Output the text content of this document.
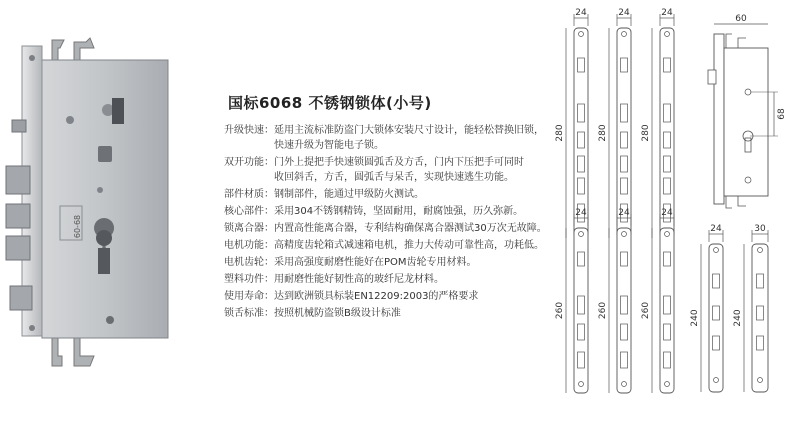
60-68
国标6068 不锈钢锁体(小号)
升级快速 ： 延用主流标准防盗门大锁体安装尺寸设计，能轻松替换旧锁，
快速升级为智能电子锁。
双开功能 ： 门外上提把手快速锁圆弧舌及方舌，门内下压把手可同时
收回斜舌，方舌，圆弧舌与呆舌，实现快速逃生功能。
部件材质 ： 钢制部件，能通过甲级防火测试。
核心部件 ： 采用304不锈钢精铸，坚固耐用，耐腐蚀强，历久弥新。
锁离合器 ： 内置高性能离合器，专利结构确保离合器测试30万次无故障。
电机功能 ： 高精度齿轮箱式减速箱电机，推力大传动可靠性高，功耗低。
电机齿轮 ： 采用高强度耐磨性能好在POM齿轮专用材料。
塑料功件 ： 用耐磨性能好韧性高的玻纤尼龙材料。
使用寿命 ： 达到欧洲锁具标装EN12209:2003的严格要求
锁舌标准 ： 按照机械防盗锁B级设计标准
24
280
24
280
24
280
60
68
24
260
24
260
24
260
24
240
30
240
